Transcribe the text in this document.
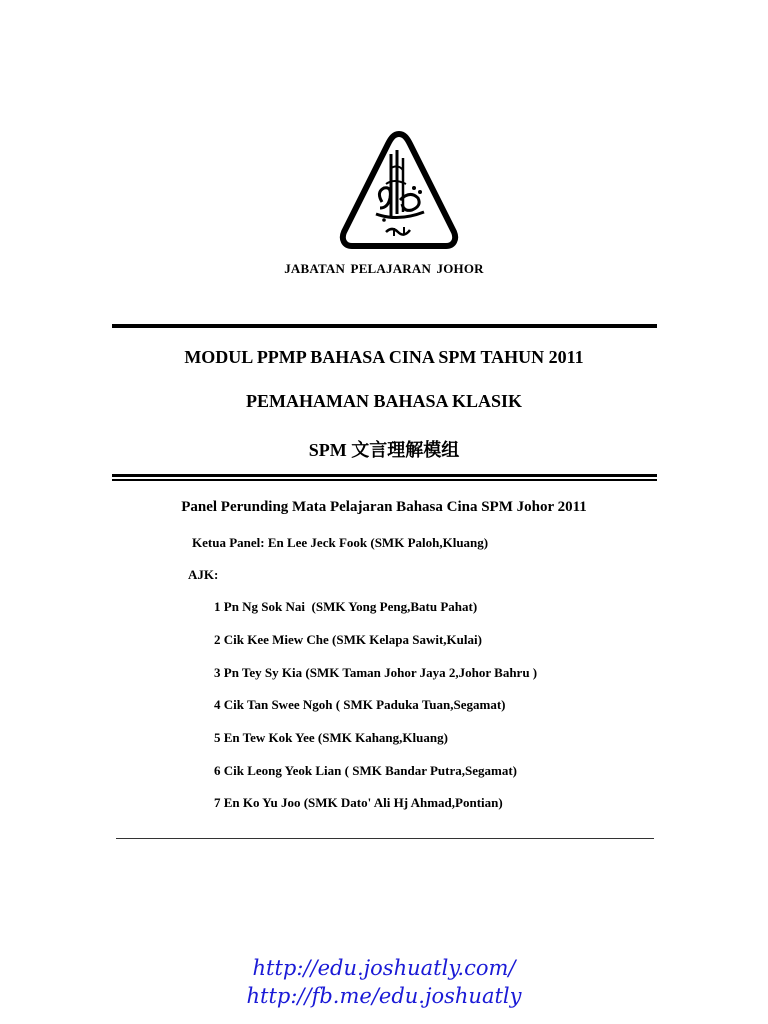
JABATAN PELAJARAN JOHOR
MODUL PPMP BAHASA CINA SPM TAHUN 2011
PEMAHAMAN BAHASA KLASIK
SPM 文言理解模组
Panel Perunding Mata Pelajaran Bahasa Cina SPM Johor 2011
Ketua Panel: En Lee Jeck Fook (SMK Paloh,Kluang)
AJK:
1 Pn Ng Sok Nai  (SMK Yong Peng,Batu Pahat)
2 Cik Kee Miew Che (SMK Kelapa Sawit,Kulai)
3 Pn Tey Sy Kia (SMK Taman Johor Jaya 2,Johor Bahru )
4 Cik Tan Swee Ngoh ( SMK Paduka Tuan,Segamat)
5 En Tew Kok Yee (SMK Kahang,Kluang)
6 Cik Leong Yeok Lian ( SMK Bandar Putra,Segamat)
7 En Ko Yu Joo (SMK Dato' Ali Hj Ahmad,Pontian)
http://edu.joshuatly.com/
http://fb.me/edu.joshuatly
